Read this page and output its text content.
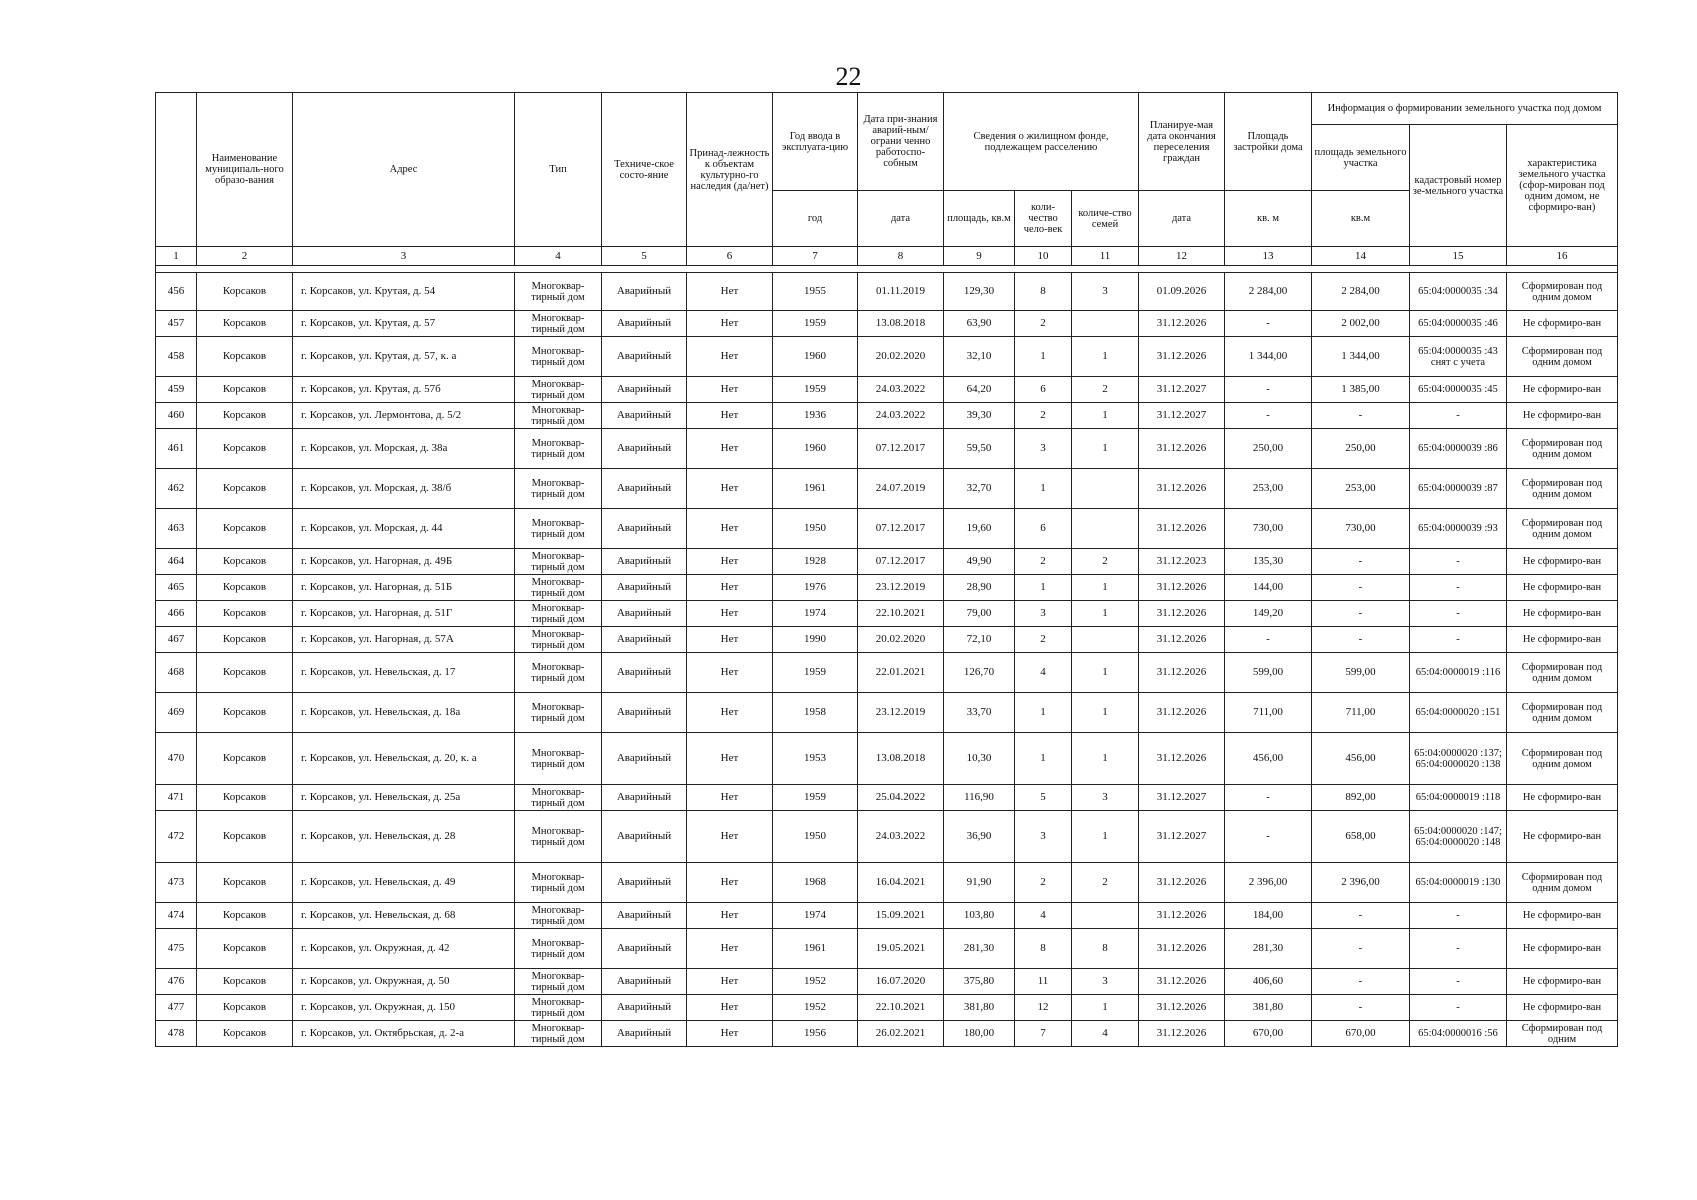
22
	Наименование муниципаль-ного образо-вания	Адрес	Тип	Техниче-ское состо-яние	Принад-лежность к объектам культурно-го наследия (да/нет)	Год ввода в эксплуата-цию	Дата при-знания аварий-ным/ограни ченно работоспо-собным	Сведения о жилищном фонде, подлежащем расселению			Планируе-мая дата окончания переселения граждан	Площадь застройки дома	Информация о формировании земельного участка под домом		
													площадь земельного участка	кадастровый номер зе-мельного участка	характеристика земельного участка (сфор-мирован под одним домом, не сформиро-ван)
						год	дата	площадь, кв.м	коли-чество чело-век	количе-ство семей	дата	кв. м	кв.м		
1	2	3	4	5	6	7	8	9	10	11	12	13	14	15	16

456	Корсаков	г. Корсаков, ул. Крутая, д. 54	Многоквар-тирный дом	Аварийный	Нет	1955	01.11.2019	129,30	8	3	01.09.2026	2 284,00	2 284,00	65:04:0000035 :34	Сформирован под одним домом
457	Корсаков	г. Корсаков, ул. Крутая, д. 57	Многоквар-тирный дом	Аварийный	Нет	1959	13.08.2018	63,90	2		31.12.2026	-	2 002,00	65:04:0000035 :46	Не сформиро-ван
458	Корсаков	г. Корсаков, ул. Крутая, д. 57, к. а	Многоквар-тирный дом	Аварийный	Нет	1960	20.02.2020	32,10	1	1	31.12.2026	1 344,00	1 344,00	65:04:0000035 :43 снят с учета	Сформирован под одним домом
459	Корсаков	г. Корсаков, ул. Крутая, д. 57б	Многоквар-тирный дом	Аварийный	Нет	1959	24.03.2022	64,20	6	2	31.12.2027	-	1 385,00	65:04:0000035 :45	Не сформиро-ван
460	Корсаков	г. Корсаков, ул. Лермонтова, д. 5/2	Многоквар-тирный дом	Аварийный	Нет	1936	24.03.2022	39,30	2	1	31.12.2027	-	-	-	Не сформиро-ван
461	Корсаков	г. Корсаков, ул. Морская, д. 38а	Многоквар-тирный дом	Аварийный	Нет	1960	07.12.2017	59,50	3	1	31.12.2026	250,00	250,00	65:04:0000039 :86	Сформирован под одним домом
462	Корсаков	г. Корсаков, ул. Морская, д. 38/б	Многоквар-тирный дом	Аварийный	Нет	1961	24.07.2019	32,70	1		31.12.2026	253,00	253,00	65:04:0000039 :87	Сформирован под одним домом
463	Корсаков	г. Корсаков, ул. Морская, д. 44	Многоквар-тирный дом	Аварийный	Нет	1950	07.12.2017	19,60	6		31.12.2026	730,00	730,00	65:04:0000039 :93	Сформирован под одним домом
464	Корсаков	г. Корсаков, ул. Нагорная, д. 49Б	Многоквар-тирный дом	Аварийный	Нет	1928	07.12.2017	49,90	2	2	31.12.2023	135,30	-	-	Не сформиро-ван
465	Корсаков	г. Корсаков, ул. Нагорная, д. 51Б	Многоквар-тирный дом	Аварийный	Нет	1976	23.12.2019	28,90	1	1	31.12.2026	144,00	-	-	Не сформиро-ван
466	Корсаков	г. Корсаков, ул. Нагорная, д. 51Г	Многоквар-тирный дом	Аварийный	Нет	1974	22.10.2021	79,00	3	1	31.12.2026	149,20	-	-	Не сформиро-ван
467	Корсаков	г. Корсаков, ул. Нагорная, д. 57А	Многоквар-тирный дом	Аварийный	Нет	1990	20.02.2020	72,10	2		31.12.2026	-	-	-	Не сформиро-ван
468	Корсаков	г. Корсаков, ул. Невельская, д. 17	Многоквар-тирный дом	Аварийный	Нет	1959	22.01.2021	126,70	4	1	31.12.2026	599,00	599,00	65:04:0000019 :116	Сформирован под одним домом
469	Корсаков	г. Корсаков, ул. Невельская, д. 18а	Многоквар-тирный дом	Аварийный	Нет	1958	23.12.2019	33,70	1	1	31.12.2026	711,00	711,00	65:04:0000020 :151	Сформирован под одним домом
470	Корсаков	г. Корсаков, ул. Невельская, д. 20, к. а	Многоквар-тирный дом	Аварийный	Нет	1953	13.08.2018	10,30	1	1	31.12.2026	456,00	456,00	65:04:0000020 :137; 65:04:0000020 :138	Сформирован под одним домом
471	Корсаков	г. Корсаков, ул. Невельская, д. 25а	Многоквар-тирный дом	Аварийный	Нет	1959	25.04.2022	116,90	5	3	31.12.2027	-	892,00	65:04:0000019 :118	Не сформиро-ван
472	Корсаков	г. Корсаков, ул. Невельская, д. 28	Многоквар-тирный дом	Аварийный	Нет	1950	24.03.2022	36,90	3	1	31.12.2027	-	658,00	65:04:0000020 :147; 65:04:0000020 :148	Не сформиро-ван
473	Корсаков	г. Корсаков, ул. Невельская, д. 49	Многоквар-тирный дом	Аварийный	Нет	1968	16.04.2021	91,90	2	2	31.12.2026	2 396,00	2 396,00	65:04:0000019 :130	Сформирован под одним домом
474	Корсаков	г. Корсаков, ул. Невельская, д. 68	Многоквар-тирный дом	Аварийный	Нет	1974	15.09.2021	103,80	4		31.12.2026	184,00	-	-	Не сформиро-ван
475	Корсаков	г. Корсаков, ул. Окружная, д. 42	Многоквар-тирный дом	Аварийный	Нет	1961	19.05.2021	281,30	8	8	31.12.2026	281,30	-	-	Не сформиро-ван
476	Корсаков	г. Корсаков, ул. Окружная, д. 50	Многоквар-тирный дом	Аварийный	Нет	1952	16.07.2020	375,80	11	3	31.12.2026	406,60	-	-	Не сформиро-ван
477	Корсаков	г. Корсаков, ул. Окружная, д. 150	Многоквар-тирный дом	Аварийный	Нет	1952	22.10.2021	381,80	12	1	31.12.2026	381,80	-	-	Не сформиро-ван
478	Корсаков	г. Корсаков, ул. Октябрьская, д. 2-а	Многоквар-тирный дом	Аварийный	Нет	1956	26.02.2021	180,00	7	4	31.12.2026	670,00	670,00	65:04:0000016 :56	Сформирован под одним
